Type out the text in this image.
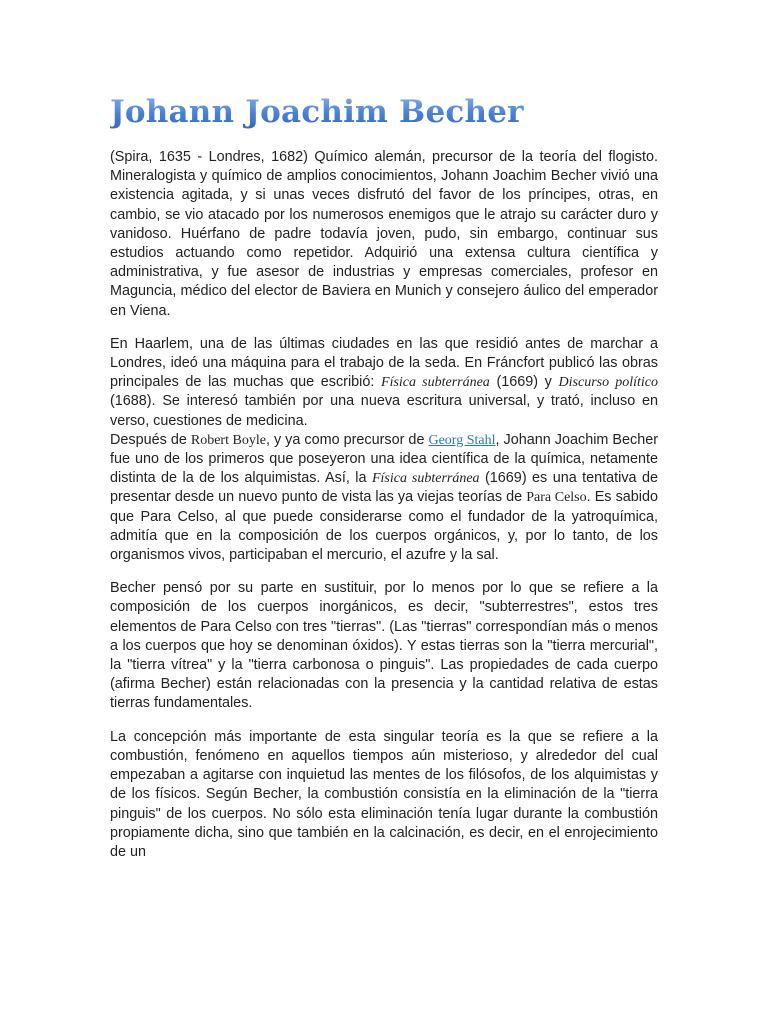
Johann Joachim Becher

(Spira, 1635 - Londres, 1682) Químico alemán, precursor de la teoría del flogisto. Mineralogista y químico de amplios conocimientos, Johann Joachim Becher vivió una existencia agitada, y si unas veces disfrutó del favor de los príncipes, otras, en cambio, se vio atacado por los numerosos enemigos que le atrajo su carácter duro y vanidoso. Huérfano de padre todavía joven, pudo, sin embargo, continuar sus estudios actuando como repetidor. Adquirió una extensa cultura científica y administrativa, y fue asesor de industrias y empresas comerciales, profesor en Maguncia, médico del elector de Baviera en Munich y consejero áulico del emperador en Viena.

En Haarlem, una de las últimas ciudades en las que residió antes de marchar a Londres, ideó una máquina para el trabajo de la seda. En Fráncfort publicó las obras principales de las muchas que escribió: Física subterránea (1669) y Discurso político (1688). Se interesó también por una nueva escritura universal, y trató, incluso en verso, cuestiones de medicina.

Después de Robert Boyle, y ya como precursor de Georg Stahl, Johann Joachim Becher fue uno de los primeros que poseyeron una idea científica de la química, netamente distinta de la de los alquimistas. Así, la Física subterránea (1669) es una tentativa de presentar desde un nuevo punto de vista las ya viejas teorías de Para Celso. Es sabido que Para Celso, al que puede considerarse como el fundador de la yatroquímica, admitía que en la composición de los cuerpos orgánicos, y, por lo tanto, de los organismos vivos, participaban el mercurio, el azufre y la sal.

Becher pensó por su parte en sustituir, por lo menos por lo que se refiere a la composición de los cuerpos inorgánicos, es decir, "subterrestres", estos tres elementos de Para Celso con tres "tierras". (Las "tierras" correspondían más o menos a los cuerpos que hoy se denominan óxidos). Y estas tierras son la "tierra mercurial", la "tierra vítrea" y la "tierra carbonosa o pinguis". Las propiedades de cada cuerpo (afirma Becher) están relacionadas con la presencia y la cantidad relativa de estas tierras fundamentales.

La concepción más importante de esta singular teoría es la que se refiere a la combustión, fenómeno en aquellos tiempos aún misterioso, y alrededor del cual empezaban a agitarse con inquietud las mentes de los filósofos, de los alquimistas y de los físicos. Según Becher, la combustión consistía en la eliminación de la "tierra pinguis" de los cuerpos. No sólo esta eliminación tenía lugar durante la combustión propiamente dicha, sino que también en la calcinación, es decir, en el enrojecimiento de un
